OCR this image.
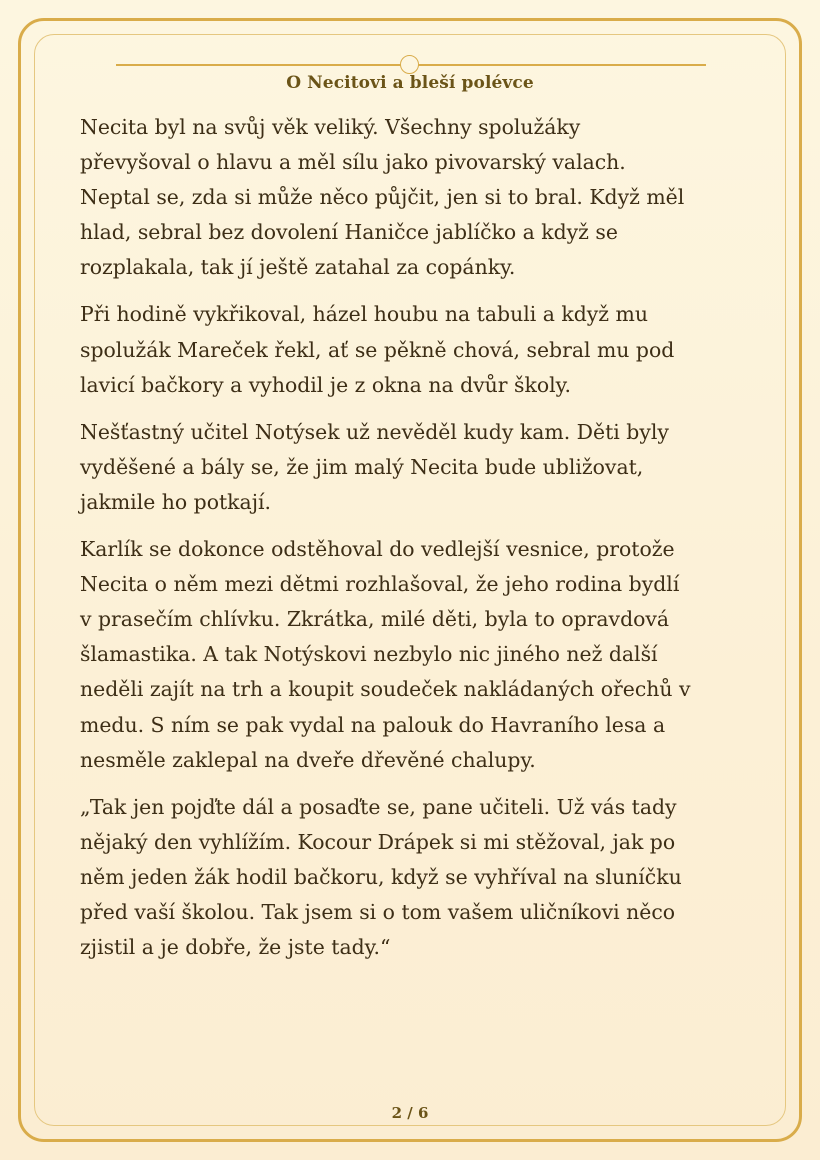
O Necitovi a bleší polévce

Necita byl na svůj věk veliký. Všechny spolužáky
převyšoval o hlavu a měl sílu jako pivovarský valach.
Neptal se, zda si může něco půjčit, jen si to bral. Když měl
hlad, sebral bez dovolení Haničce jablíčko a když se
rozplakala, tak jí ještě zatahal za copánky.

Při hodině vykřikoval, házel houbu na tabuli a když mu
spolužák Mareček řekl, ať se pěkně chová, sebral mu pod
lavicí bačkory a vyhodil je z okna na dvůr školy.

Nešťastný učitel Notýsek už nevěděl kudy kam. Děti byly
vyděšené a bály se, že jim malý Necita bude ubližovat,
jakmile ho potkají.

Karlík se dokonce odstěhoval do vedlejší vesnice, protože
Necita o něm mezi dětmi rozhlašoval, že jeho rodina bydlí
v prasečím chlívku. Zkrátka, milé děti, byla to opravdová
šlamastika. A tak Notýskovi nezbylo nic jiného než další
neděli zajít na trh a koupit soudeček nakládaných ořechů v
medu. S ním se pak vydal na palouk do Havraního lesa a
nesměle zaklepal na dveře dřevěné chalupy.

„Tak jen pojďte dál a posaďte se, pane učiteli. Už vás tady
nějaký den vyhlížím. Kocour Drápek si mi stěžoval, jak po
něm jeden žák hodil bačkoru, když se vyhříval na sluníčku
před vaší školou. Tak jsem si o tom vašem uličníkovi něco
zjistil a je dobře, že jste tady.“

2 / 6
